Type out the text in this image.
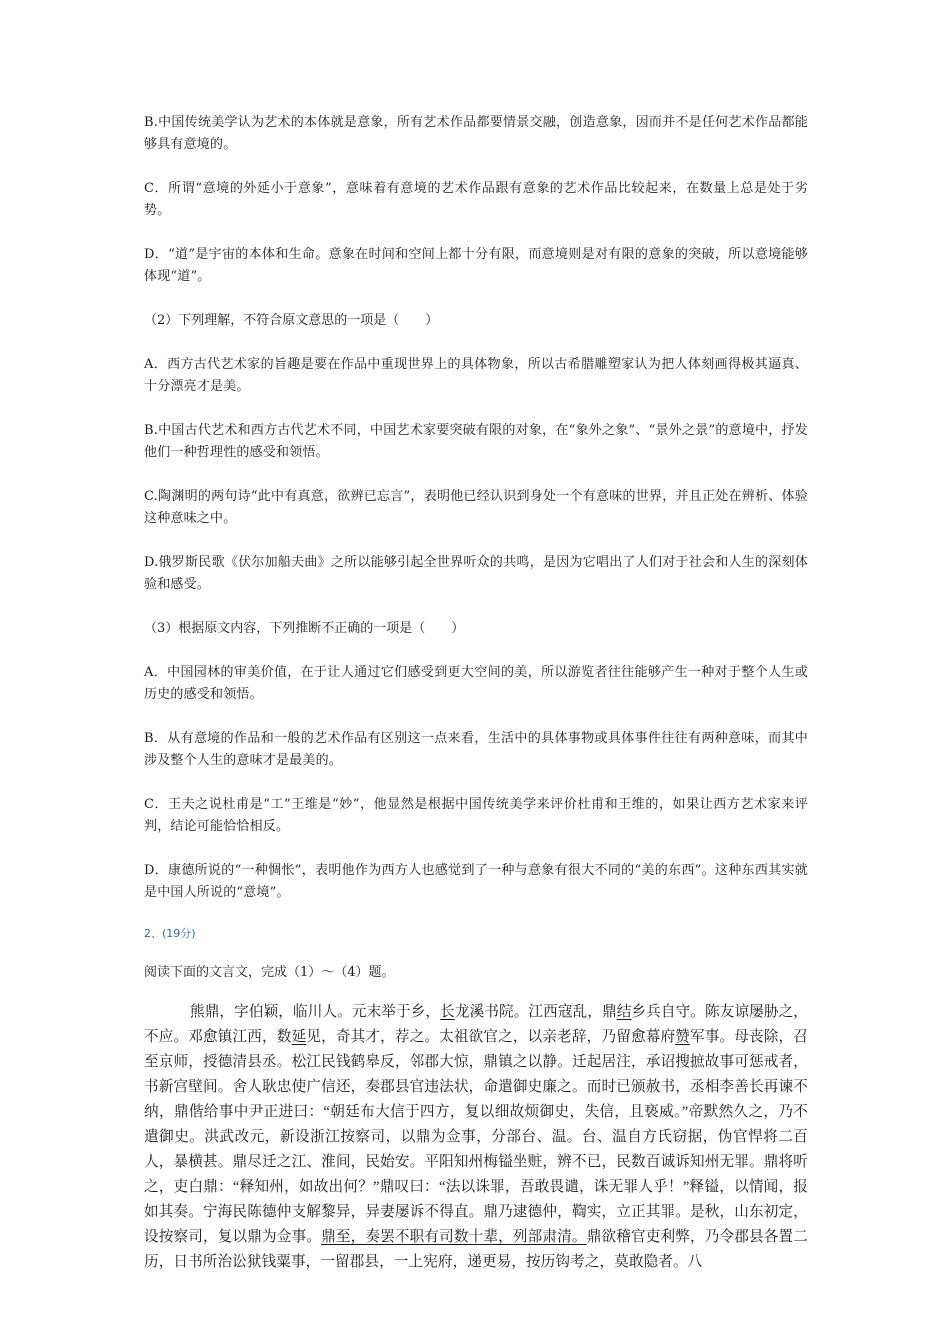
B.中国传统美学认为艺术的本体就是意象，所有艺术作品都要情景交融，创造意象，因而并不是任何艺术作品都能够具有意境的。

C．所谓“意境的外延小于意象”，意味着有意境的艺术作品跟有意象的艺术作品比较起来，在数量上总是处于劣势。

D．“道”是宇宙的本体和生命。意象在时间和空间上都十分有限，而意境则是对有限的意象的突破，所以意境能够体现“道”。

（2）下列理解，不符合原文意思的一项是（　　）

A．西方古代艺术家的旨趣是要在作品中重现世界上的具体物象，所以古希腊雕塑家认为把人体刻画得极其逼真、十分漂亮才是美。

B.中国古代艺术和西方古代艺术不同，中国艺术家要突破有限的对象，在“象外之象”、“景外之景”的意境中，抒发他们一种哲理性的感受和领悟。

C.陶渊明的两句诗“此中有真意，欲辨已忘言”，表明他已经认识到身处一个有意味的世界，并且正处在辨析、体验这种意味之中。

D.俄罗斯民歌《伏尔加船夫曲》之所以能够引起全世界听众的共鸣，是因为它唱出了人们对于社会和人生的深刻体验和感受。

（3）根据原文内容，下列推断不正确的一项是（　　）

A．中国园林的审美价值，在于让人通过它们感受到更大空间的美，所以游览者往往能够产生一种对于整个人生或历史的感受和领悟。

B．从有意境的作品和一般的艺术作品有区别这一点来看，生活中的具体事物或具体事件往往有两种意味，而其中涉及整个人生的意味才是最美的。

C．王夫之说杜甫是“工”王维是“妙”，他显然是根据中国传统美学来评价杜甫和王维的，如果让西方艺术家来评判，结论可能恰恰相反。

D．康德所说的“一种惆怅”，表明他作为西方人也感觉到了一种与意象有很大不同的“美的东西”。这种东西其实就是中国人所说的“意境”。

2、(19分)
阅读下面的文言文，完成（1）～（4）题。

熊鼎，字伯颖，临川人。元末举于乡，长龙溪书院。江西寇乱，鼎结乡兵自守。陈友谅屡胁之，不应。邓愈镇江西，数延见，奇其才，荐之。太祖欲官之，以亲老辞，乃留愈幕府赞军事。母丧除，召至京师，授德清县丞。松江民钱鹤皋反，邻郡大惊，鼎镇之以静。迁起居注，承诏搜摭故事可惩戒者，书新宫壁间。舍人耿忠使广信还，奏郡县官违法状，命遣御史廉之。而时已颁赦书，丞相李善长再谏不纳，鼎偕给事中尹正进曰：“朝廷布大信于四方，复以细故烦御史，失信，且亵威。”帝默然久之，乃不遣御史。洪武改元，新设浙江按察司，以鼎为佥事，分部台、温。台、温自方氏窃据，伪官悍将二百人，暴横甚。鼎尽迁之江、淮间，民始安。平阳知州梅镒坐赃，辨不已，民数百诚诉知州无罪。鼎将听之，吏白鼎：“释知州，如故出何？”鼎叹曰：“法以诛罪，吾敢畏谴，诛无罪人乎！”释镒，以情闻，报如其奏。宁海民陈德仲支解黎异，异妻屡诉不得直。鼎乃逮德仲，鞫实，立正其罪。是秋，山东初定，设按察司，复以鼎为佥事。鼎至，奏罢不职有司数十辈，列部肃清。鼎欲稽官吏利弊，乃令郡县各置二历，日书所治讼狱钱粟事，一留郡县，一上宪府，递更易，按历钩考之，莫敢隐者。八
